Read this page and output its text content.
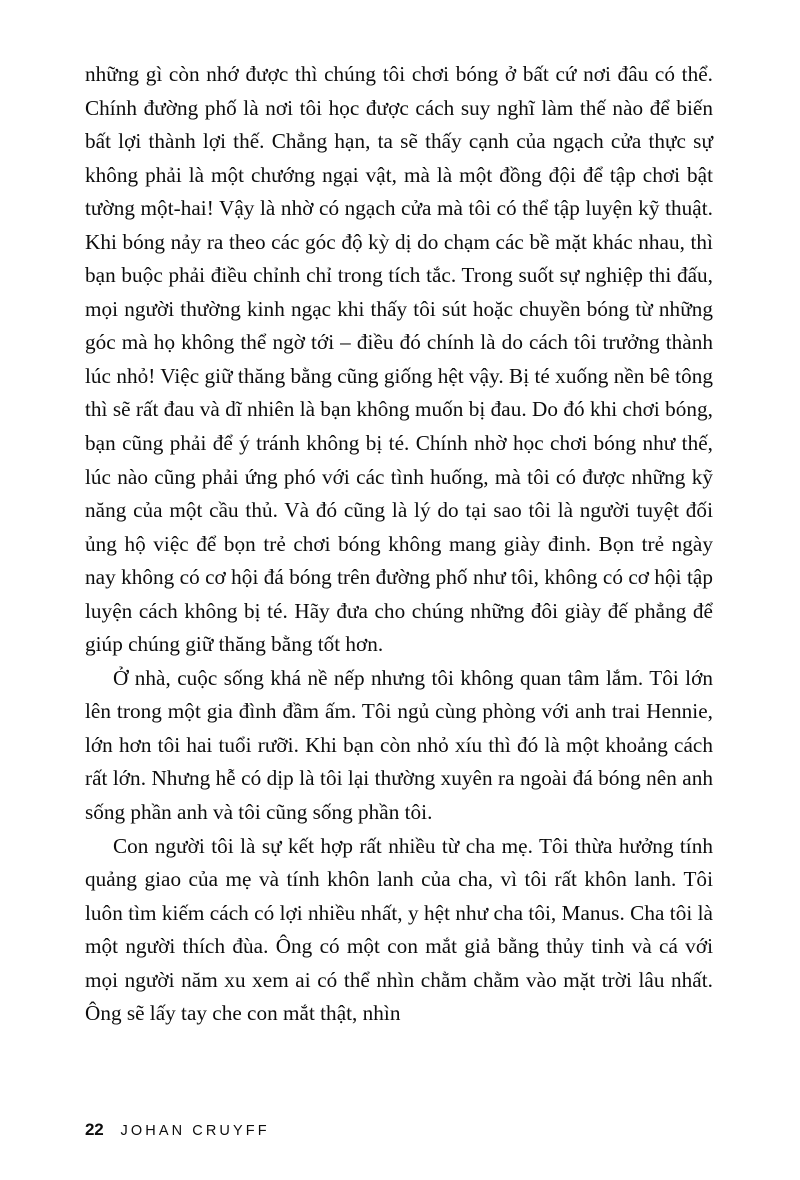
những gì còn nhớ được thì chúng tôi chơi bóng ở bất cứ nơi đâu có thể. Chính đường phố là nơi tôi học được cách suy nghĩ làm thế nào để biến bất lợi thành lợi thế. Chẳng hạn, ta sẽ thấy cạnh của ngạch cửa thực sự không phải là một chướng ngại vật, mà là một đồng đội để tập chơi bật tường một-hai! Vậy là nhờ có ngạch cửa mà tôi có thể tập luyện kỹ thuật. Khi bóng nảy ra theo các góc độ kỳ dị do chạm các bề mặt khác nhau, thì bạn buộc phải điều chỉnh chỉ trong tích tắc. Trong suốt sự nghiệp thi đấu, mọi người thường kinh ngạc khi thấy tôi sút hoặc chuyền bóng từ những góc mà họ không thể ngờ tới – điều đó chính là do cách tôi trưởng thành lúc nhỏ! Việc giữ thăng bằng cũng giống hệt vậy. Bị té xuống nền bê tông thì sẽ rất đau và dĩ nhiên là bạn không muốn bị đau. Do đó khi chơi bóng, bạn cũng phải để ý tránh không bị té. Chính nhờ học chơi bóng như thế, lúc nào cũng phải ứng phó với các tình huống, mà tôi có được những kỹ năng của một cầu thủ. Và đó cũng là lý do tại sao tôi là người tuyệt đối ủng hộ việc để bọn trẻ chơi bóng không mang giày đinh. Bọn trẻ ngày nay không có cơ hội đá bóng trên đường phố như tôi, không có cơ hội tập luyện cách không bị té. Hãy đưa cho chúng những đôi giày đế phẳng để giúp chúng giữ thăng bằng tốt hơn.

Ở nhà, cuộc sống khá nề nếp nhưng tôi không quan tâm lắm. Tôi lớn lên trong một gia đình đầm ấm. Tôi ngủ cùng phòng với anh trai Hennie, lớn hơn tôi hai tuổi rưỡi. Khi bạn còn nhỏ xíu thì đó là một khoảng cách rất lớn. Nhưng hễ có dịp là tôi lại thường xuyên ra ngoài đá bóng nên anh sống phần anh và tôi cũng sống phần tôi.

Con người tôi là sự kết hợp rất nhiều từ cha mẹ. Tôi thừa hưởng tính quảng giao của mẹ và tính khôn lanh của cha, vì tôi rất khôn lanh. Tôi luôn tìm kiếm cách có lợi nhiều nhất, y hệt như cha tôi, Manus. Cha tôi là một người thích đùa. Ông có một con mắt giả bằng thủy tinh và cá với mọi người năm xu xem ai có thể nhìn chằm chằm vào mặt trời lâu nhất. Ông sẽ lấy tay che con mắt thật, nhìn

22 JOHAN CRUYFF
